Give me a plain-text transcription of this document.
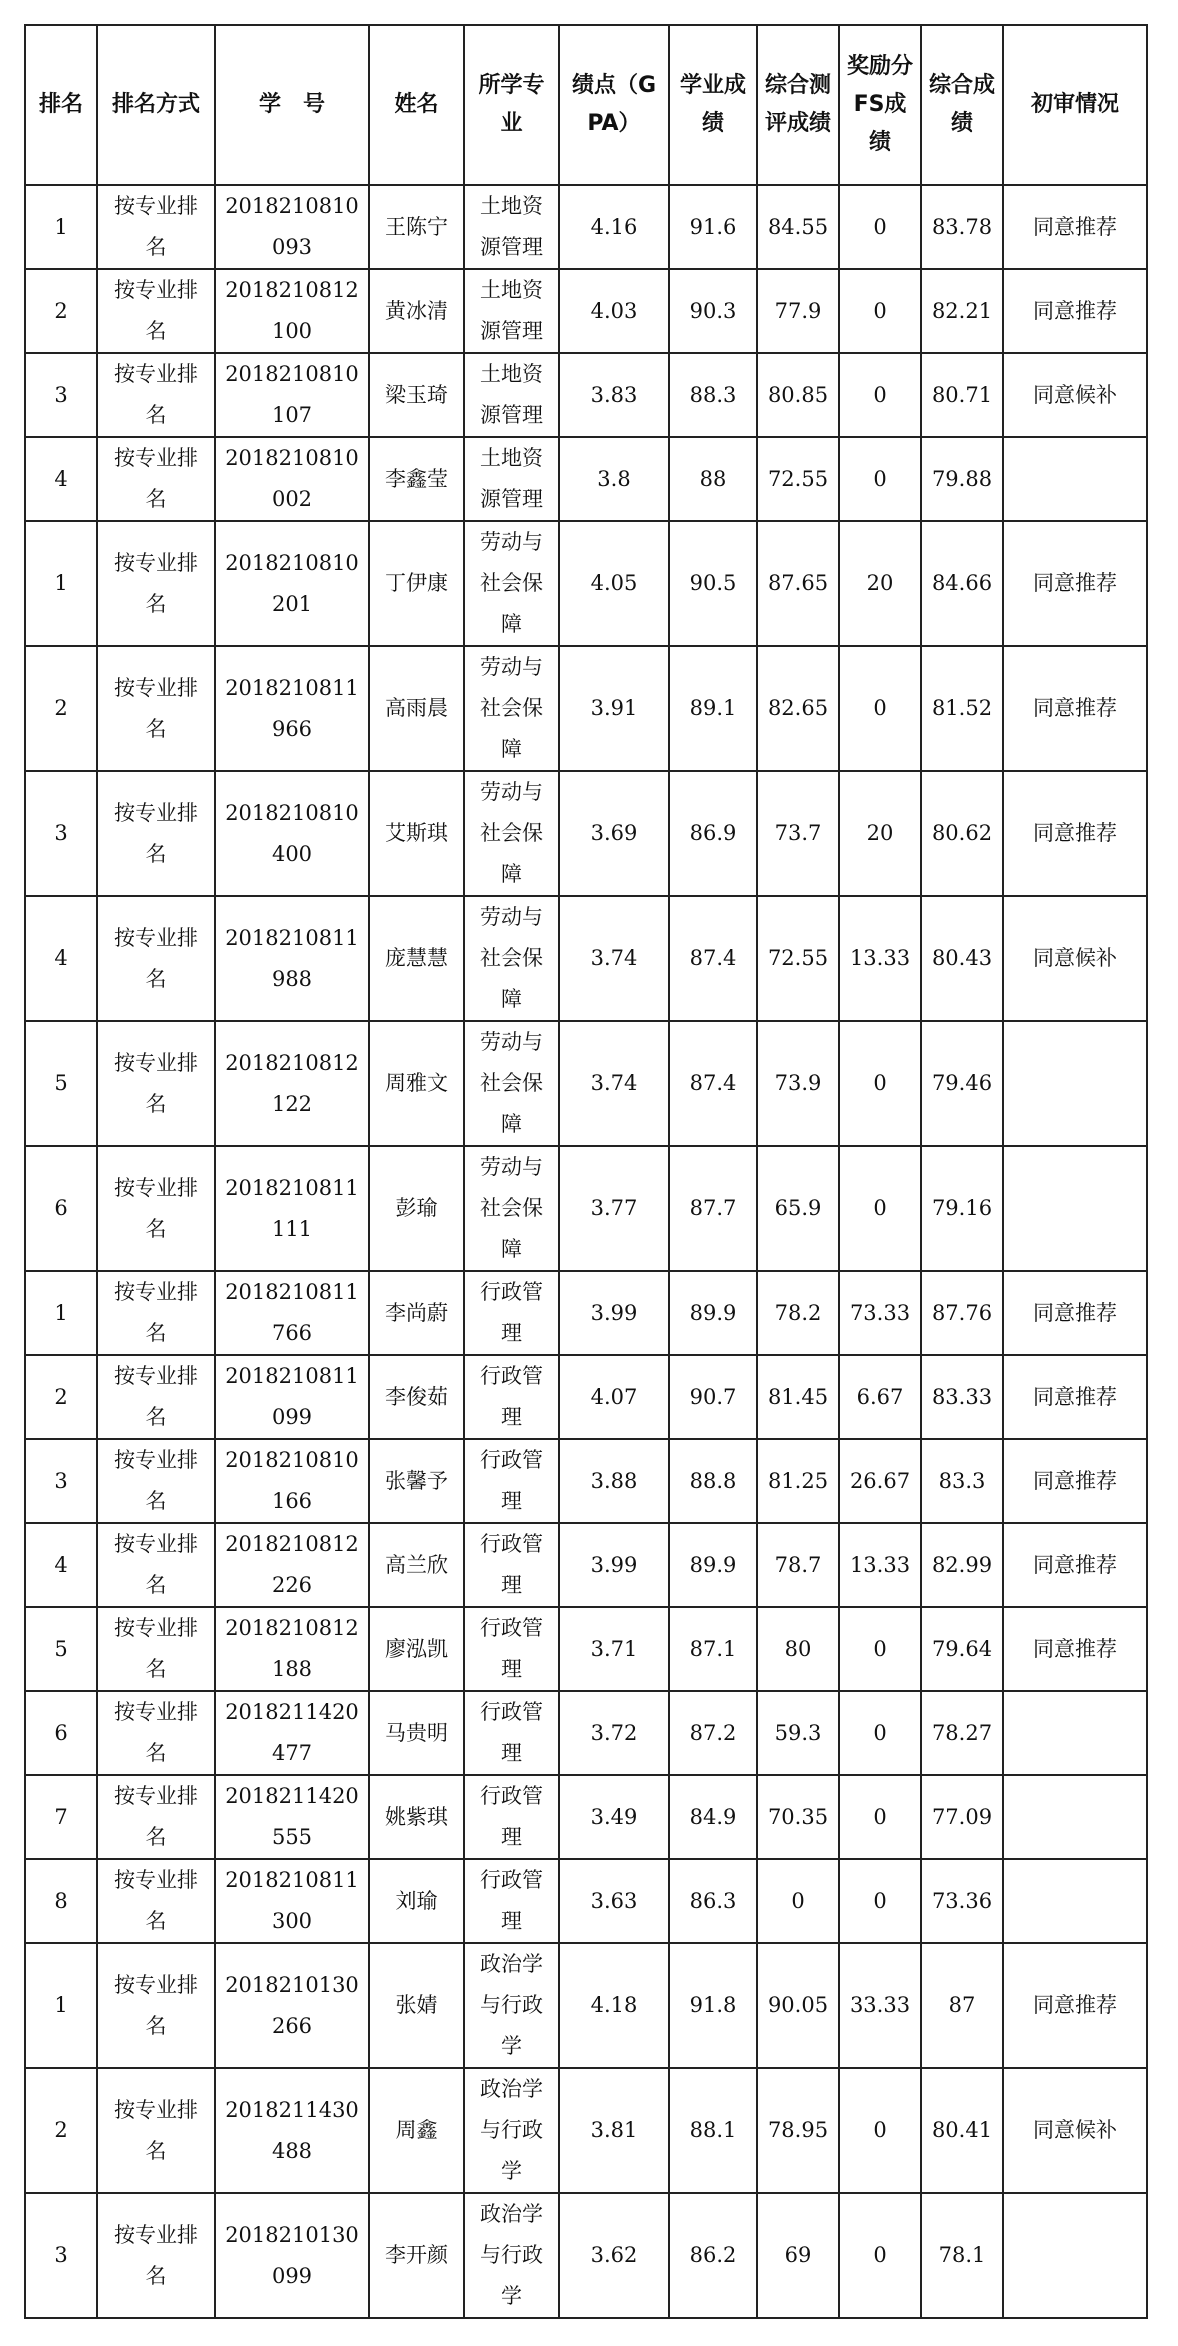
排名	排名方式	学　号	姓名	所学专业	绩点（GPA）	学业成绩	综合测评成绩	奖励分FS成绩	综合成绩	初审情况
1	按专业排名	2018210810093	王陈宁	土地资源管理	4.16	91.6	84.55	0	83.78	同意推荐
2	按专业排名	2018210812100	黄冰清	土地资源管理	4.03	90.3	77.9	0	82.21	同意推荐
3	按专业排名	2018210810107	梁玉琦	土地资源管理	3.83	88.3	80.85	0	80.71	同意候补
4	按专业排名	2018210810002	李鑫莹	土地资源管理	3.8	88	72.55	0	79.88	
1	按专业排名	2018210810201	丁伊康	劳动与社会保障	4.05	90.5	87.65	20	84.66	同意推荐
2	按专业排名	2018210811966	高雨晨	劳动与社会保障	3.91	89.1	82.65	0	81.52	同意推荐
3	按专业排名	2018210810400	艾斯琪	劳动与社会保障	3.69	86.9	73.7	20	80.62	同意推荐
4	按专业排名	2018210811988	庞慧慧	劳动与社会保障	3.74	87.4	72.55	13.33	80.43	同意候补
5	按专业排名	2018210812122	周雅文	劳动与社会保障	3.74	87.4	73.9	0	79.46	
6	按专业排名	2018210811111	彭瑜	劳动与社会保障	3.77	87.7	65.9	0	79.16	
1	按专业排名	2018210811766	李尚蔚	行政管理	3.99	89.9	78.2	73.33	87.76	同意推荐
2	按专业排名	2018210811099	李俊茹	行政管理	4.07	90.7	81.45	6.67	83.33	同意推荐
3	按专业排名	2018210810166	张馨予	行政管理	3.88	88.8	81.25	26.67	83.3	同意推荐
4	按专业排名	2018210812226	高兰欣	行政管理	3.99	89.9	78.7	13.33	82.99	同意推荐
5	按专业排名	2018210812188	廖泓凯	行政管理	3.71	87.1	80	0	79.64	同意推荐
6	按专业排名	2018211420477	马贵明	行政管理	3.72	87.2	59.3	0	78.27	
7	按专业排名	2018211420555	姚紫琪	行政管理	3.49	84.9	70.35	0	77.09	
8	按专业排名	2018210811300	刘瑜	行政管理	3.63	86.3	0	0	73.36	
1	按专业排名	2018210130266	张婧	政治学与行政学	4.18	91.8	90.05	33.33	87	同意推荐
2	按专业排名	2018211430488	周鑫	政治学与行政学	3.81	88.1	78.95	0	80.41	同意候补
3	按专业排名	2018210130099	李开颜	政治学与行政学	3.62	86.2	69	0	78.1	
